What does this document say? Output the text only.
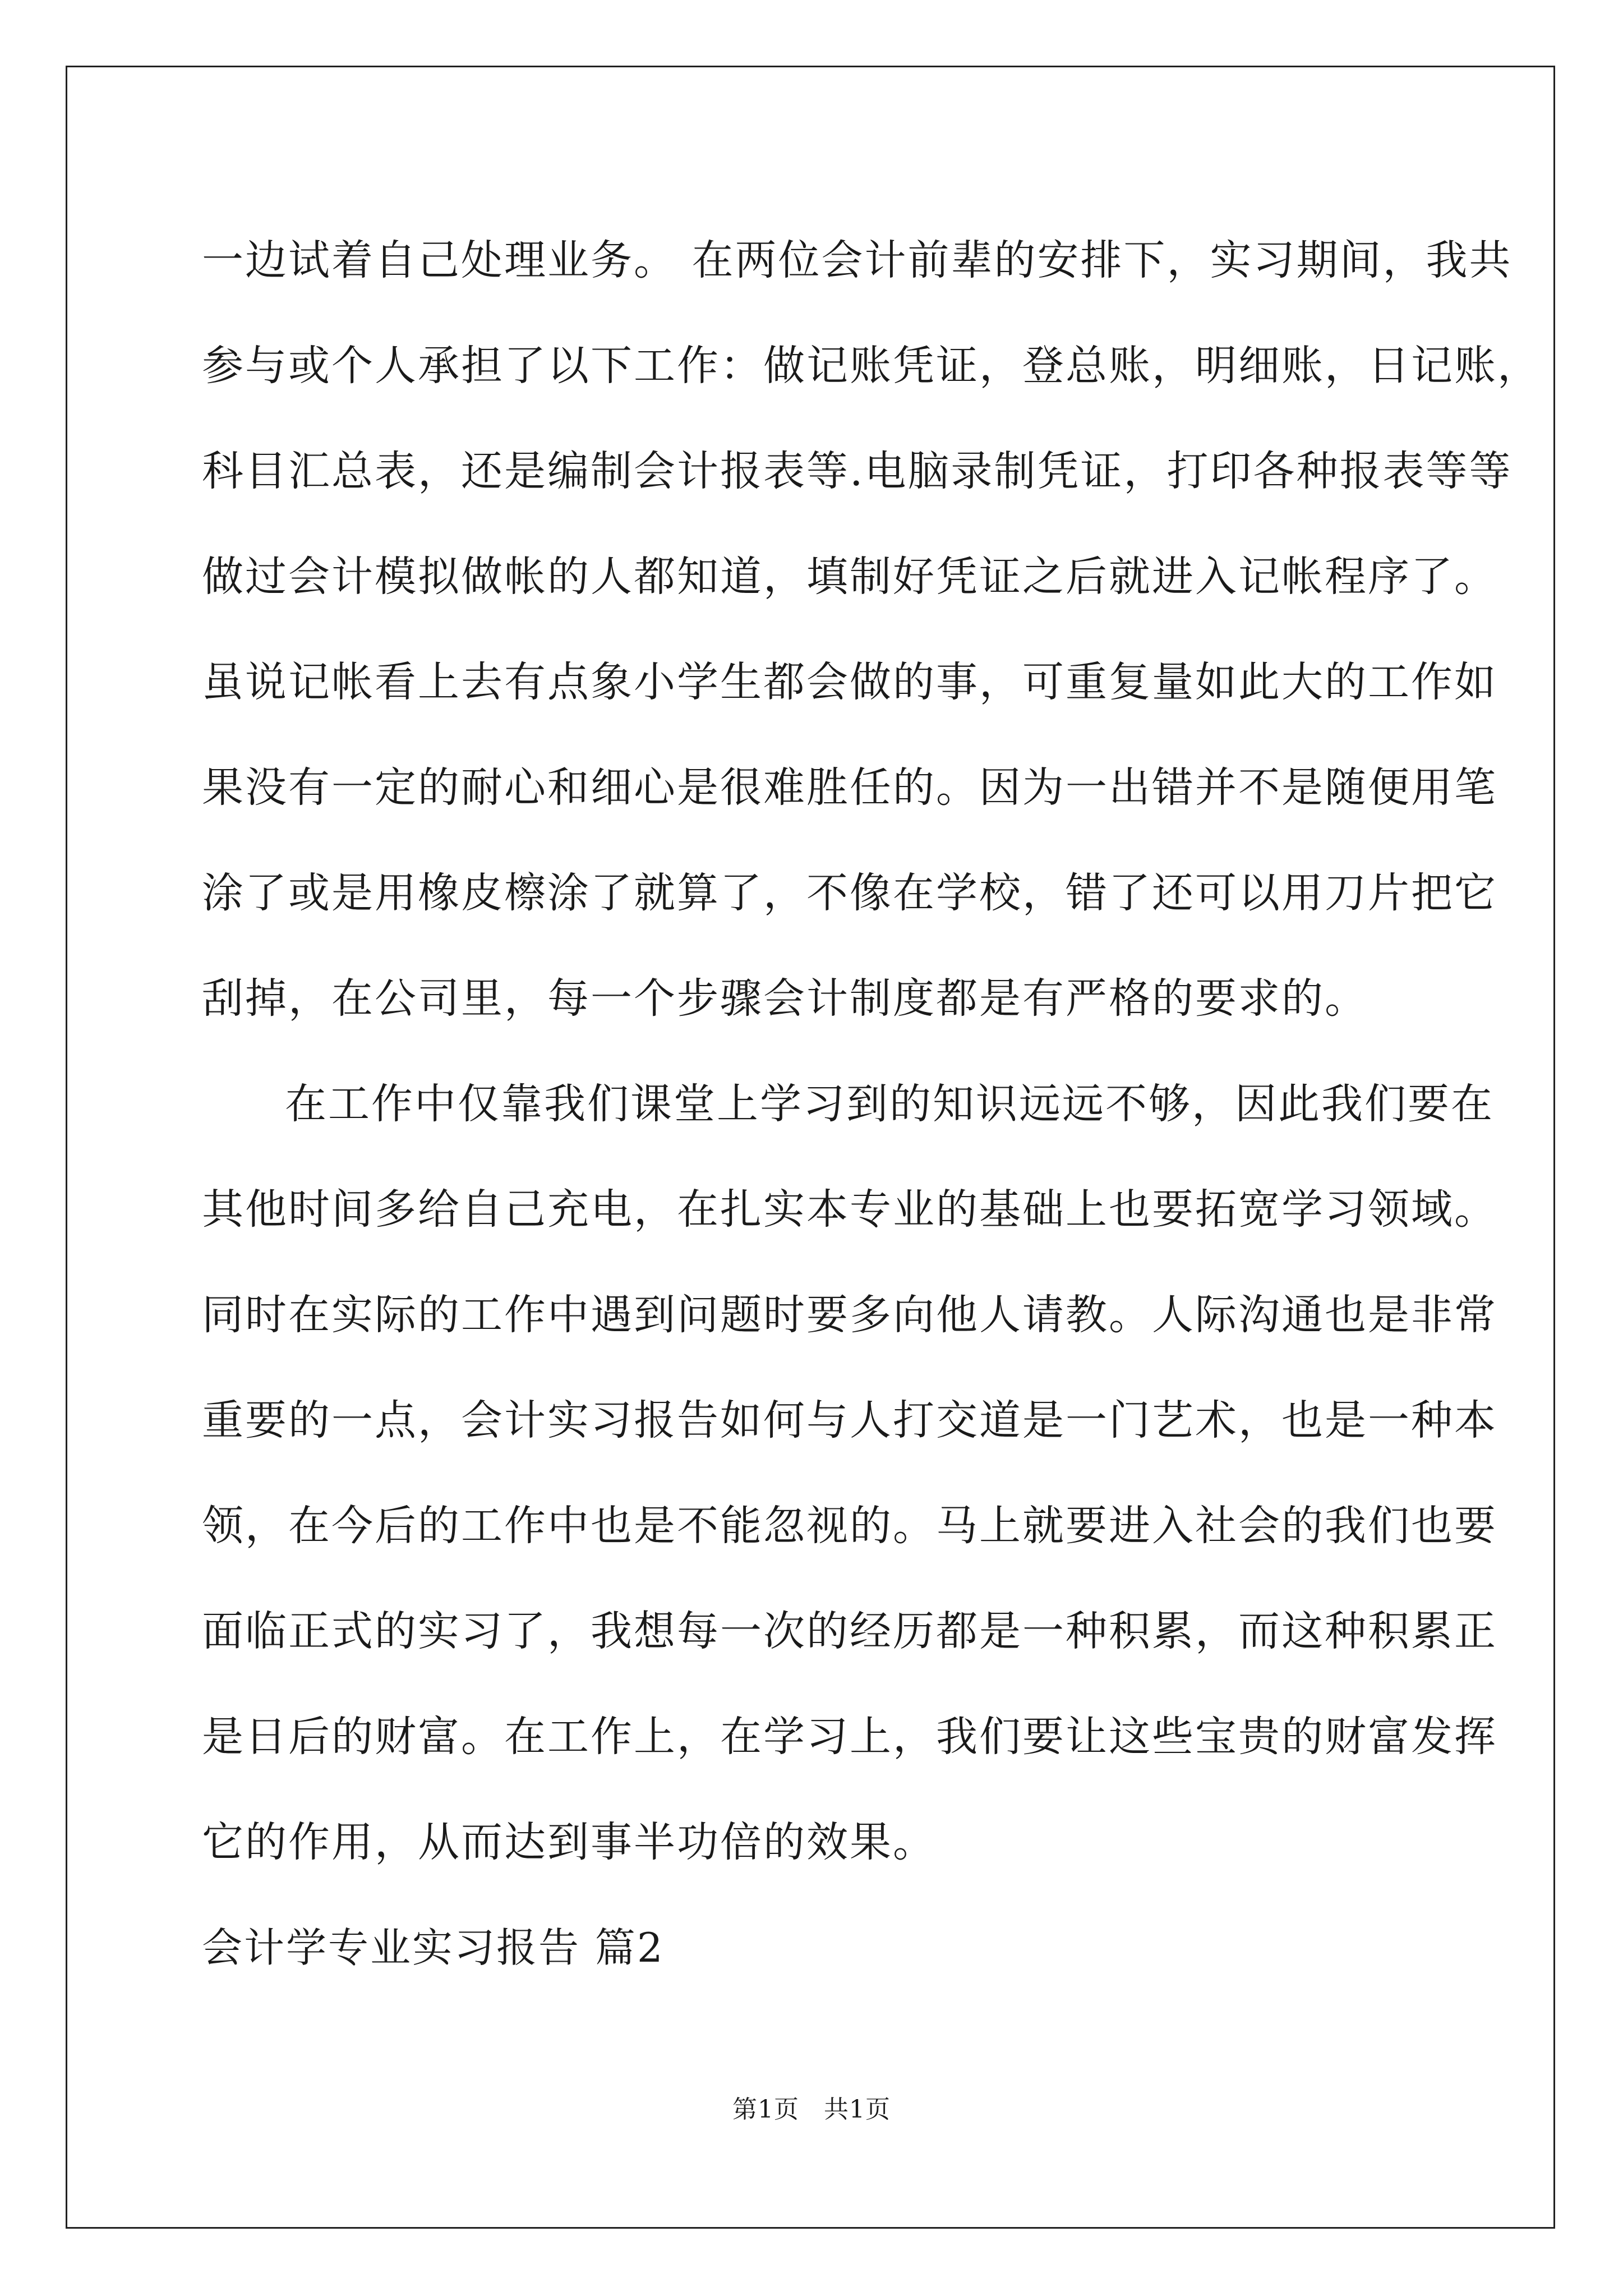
一边试着自己处理业务。 在两位会计前辈的安排下，实习期间，我共
参与或个人承担了以下工作：做记账凭证，登总账，明细账，日记账，
科目汇总表，还是编制会计报表等.电脑录制凭证，打印各种报表等等
做过会计模拟做帐的人都知道，填制好凭证之后就进入记帐程序了。
虽说记帐看上去有点象小学生都会做的事，可重复量如此大的工作如
果没有一定的耐心和细心是很难胜任的。因为一出错并不是随便用笔
涂了或是用橡皮檫涂了就算了，不像在学校，错了还可以用刀片把它
刮掉，在公司里，每一个步骤会计制度都是有严格的要求的。
在工作中仅靠我们课堂上学习到的知识远远不够，因此我们要在
其他时间多给自己充电，在扎实本专业的基础上也要拓宽学习领域。
同时在实际的工作中遇到问题时要多向他人请教。人际沟通也是非常
重要的一点，会计实习报告如何与人打交道是一门艺术，也是一种本
领，在今后的工作中也是不能忽视的。马上就要进入社会的我们也要
面临正式的实习了，我想每一次的经历都是一种积累，而这种积累正
是日后的财富。在工作上，在学习上，我们要让这些宝贵的财富发挥
它的作用，从而达到事半功倍的效果。
会计学专业实习报告 篇2
第1页 共1页
